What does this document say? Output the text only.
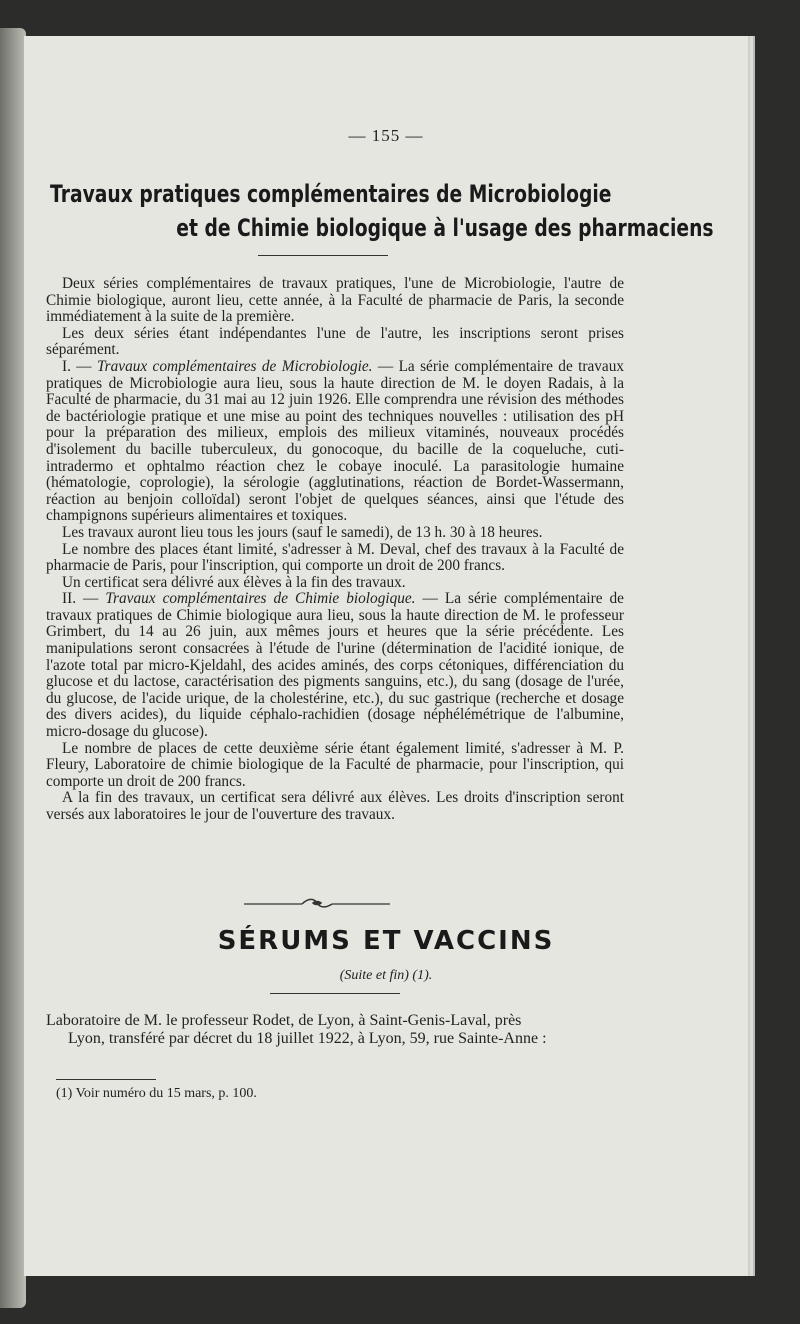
— 155 —
Travaux pratiques complémentaires de Microbiologie
et de Chimie biologique à l'usage des pharmaciens

Deux séries complémentaires de travaux pratiques, l'une de Microbiologie, l'autre de Chimie biologique, auront lieu, cette année, à la Faculté de pharmacie de Paris, la seconde immédiatement à la suite de la première.

Les deux séries étant indépendantes l'une de l'autre, les inscriptions seront prises séparément.

I. — Travaux complémentaires de Microbiologie. — La série complémentaire de travaux pratiques de Microbiologie aura lieu, sous la haute direction de M. le doyen Radais, à la Faculté de pharmacie, du 31 mai au 12 juin 1926. Elle comprendra une révision des méthodes de bactériologie pratique et une mise au point des techniques nouvelles : utilisation des pH pour la préparation des milieux, emplois des milieux vitaminés, nouveaux procédés d'isolement du bacille tuberculeux, du gonocoque, du bacille de la coqueluche, cuti-intradermo et ophtalmo réaction chez le cobaye inoculé. La parasitologie humaine (hématologie, coprologie), la sérologie (agglutinations, réaction de Bordet-Wassermann, réaction au benjoin colloïdal) seront l'objet de quelques séances, ainsi que l'étude des champignons supérieurs alimentaires et toxiques.

Les travaux auront lieu tous les jours (sauf le samedi), de 13 h. 30 à 18 heures.

Le nombre des places étant limité, s'adresser à M. Deval, chef des travaux à la Faculté de pharmacie de Paris, pour l'inscription, qui comporte un droit de 200 francs.

Un certificat sera délivré aux élèves à la fin des travaux.

II. — Travaux complémentaires de Chimie biologique. — La série complémentaire de travaux pratiques de Chimie biologique aura lieu, sous la haute direction de M. le professeur Grimbert, du 14 au 26 juin, aux mêmes jours et heures que la série précédente. Les manipulations seront consacrées à l'étude de l'urine (détermination de l'acidité ionique, de l'azote total par micro-Kjeldahl, des acides aminés, des corps cétoniques, différenciation du glucose et du lactose, caractérisation des pigments sanguins, etc.), du sang (dosage de l'urée, du glucose, de l'acide urique, de la cholestérine, etc.), du suc gastrique (recherche et dosage des divers acides), du liquide céphalo-rachidien (dosage néphélémétrique de l'albumine, micro-dosage du glucose).

Le nombre de places de cette deuxième série étant également limité, s'adresser à M. P. Fleury, Laboratoire de chimie biologique de la Faculté de pharmacie, pour l'inscription, qui comporte un droit de 200 francs.

A la fin des travaux, un certificat sera délivré aux élèves. Les droits d'inscription seront versés aux laboratoires le jour de l'ouverture des travaux.

SÉRUMS ET VACCINS
(Suite et fin) (1).
Laboratoire de M. le professeur Rodet, de Lyon, à Saint-Genis-Laval, près
Lyon, transféré par décret du 18 juillet 1922, à Lyon, 59, rue Sainte-Anne :
(1) Voir numéro du 15 mars, p. 100.
